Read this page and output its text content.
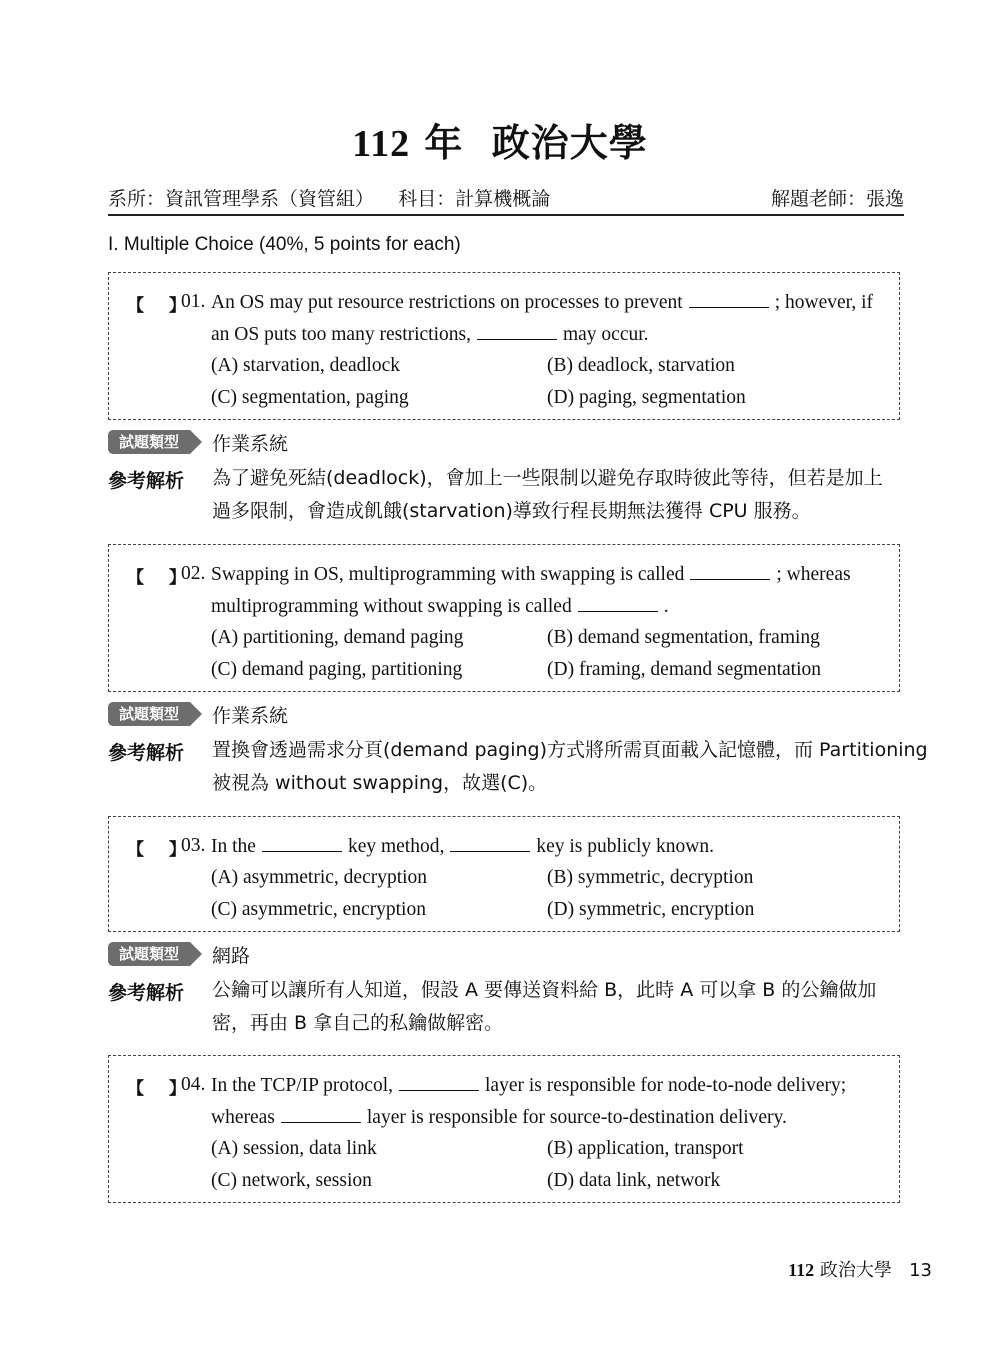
112 年 政治大學
系所：資訊管理學系（資管組） 科目：計算機概論	解題老師：張逸
I. Multiple Choice (40%, 5 points for each)
【 】
01. An OS may put resource restrictions on processes to prevent	; however, if
an OS puts too many restrictions,	may occur.
(A) starvation, deadlock	(B) deadlock, starvation
(C) segmentation, paging	(D) paging, segmentation
試題類型	作業系統
參考解析 為了避免死結(deadlock)，會加上一些限制以避免存取時彼此等待，但若是加上
過多限制，會造成飢餓(starvation)導致行程長期無法獲得 CPU 服務。
【 】
02. Swapping in OS, multiprogramming with swapping is called	; whereas
multiprogramming without swapping is called	.
(A) partitioning, demand paging	(B) demand segmentation, framing
(C) demand paging, partitioning	(D) framing, demand segmentation
試題類型	作業系統
參考解析 置換會透過需求分頁(demand paging)方式將所需頁面載入記憶體，而 Partitioning
被視為 without swapping，故選(C)。
【 】
03. In the	key method,	key is publicly known.
(A) asymmetric, decryption	(B) symmetric, decryption
(C) asymmetric, encryption	(D) symmetric, encryption
試題類型	網路
參考解析 公鑰可以讓所有人知道，假設 A 要傳送資料給 B，此時 A 可以拿 B 的公鑰做加
密，再由 B 拿自己的私鑰做解密。
【 】
04. In the TCP/IP protocol,	layer is responsible for node-to-node delivery;
whereas	layer is responsible for source-to-destination delivery.
(A) session, data link	(B) application, transport
(C) network, session	(D) data link, network
112 政治大學 13
